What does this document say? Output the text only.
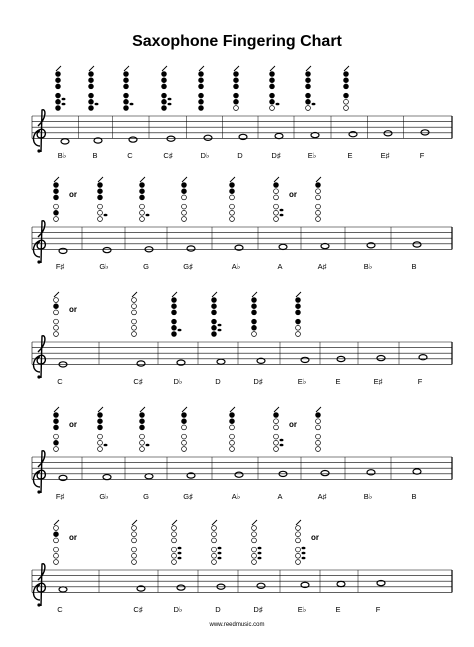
Saxophone Fingering Chart
B♭	B	C	C♯	D♭	D	D♯	E♭	E	E♯	F
F♯	G♭	G	G♯	A♭	A	A♯	B♭	B
or	or
C	C♯	D♭	D	D♯	E♭	E	E♯	F
or
F♯	G♭	G	G♯	A♭	A	A♯	B♭	B
or	or
C	C♯	D♭	D	D♯	E♭	E	F
or	or
www.reedmusic.com
